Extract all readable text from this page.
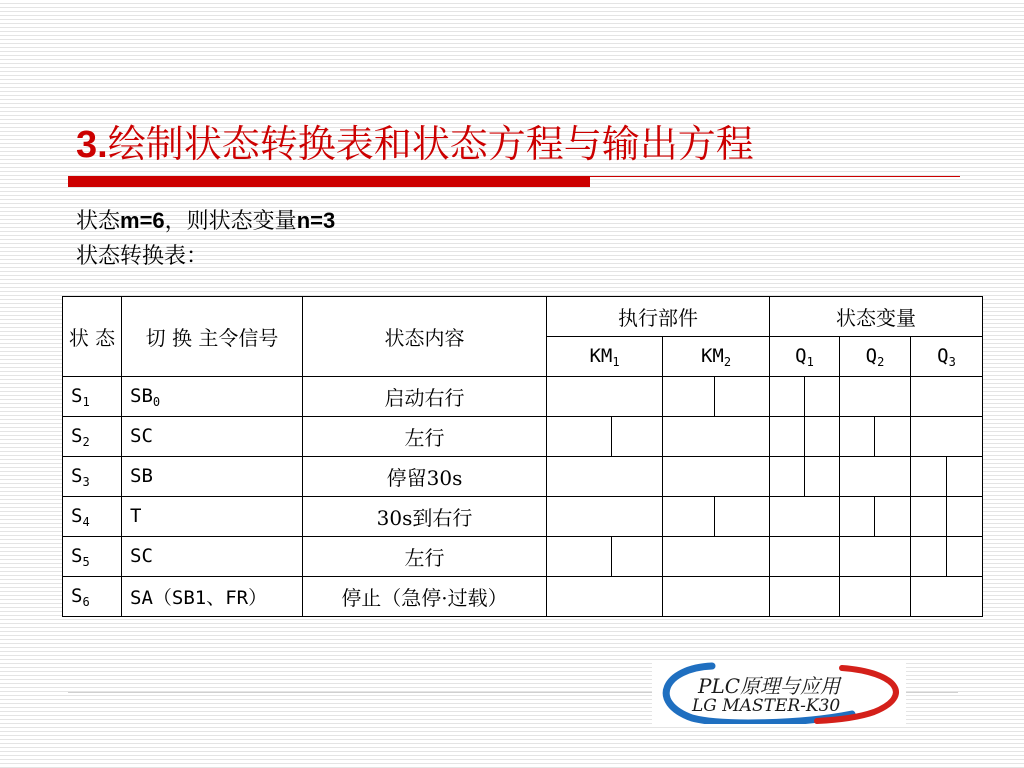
3.绘制状态转换表和状态方程与输出方程
状态m=6，则状态变量n=3
状态转换表：
状 态	切 换 主令信号	状态内容	执行部件				状态变量					
			$KM_1$		$KM_2$		$Q_1$		$Q_2$		$Q_3$
$S_1$	$SB_0$	启动右行										
$S_2$	SC	左行										
$S_3$	SB	停留30s										
$S_4$	T	30s到右行										
$S_5$	SC	左行										
$S_6$	SA（SB1、FR）	停止（急停·过载）										
PLC原理与应用
LG MASTER-K30
